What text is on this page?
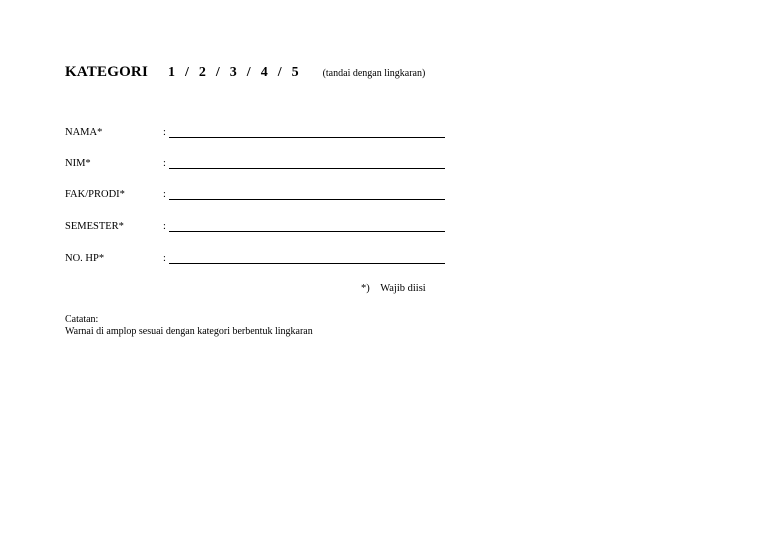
KATEGORI 1 / 2 / 3 / 4 / 5 (tandai dengan lingkaran)
NAMA*	:
NIM*	:
FAK/PRODI*	:
SEMESTER*	:
NO. HP*	:
*) Wajib diisi
Catatan:
Warnai di amplop sesuai dengan kategori berbentuk lingkaran
